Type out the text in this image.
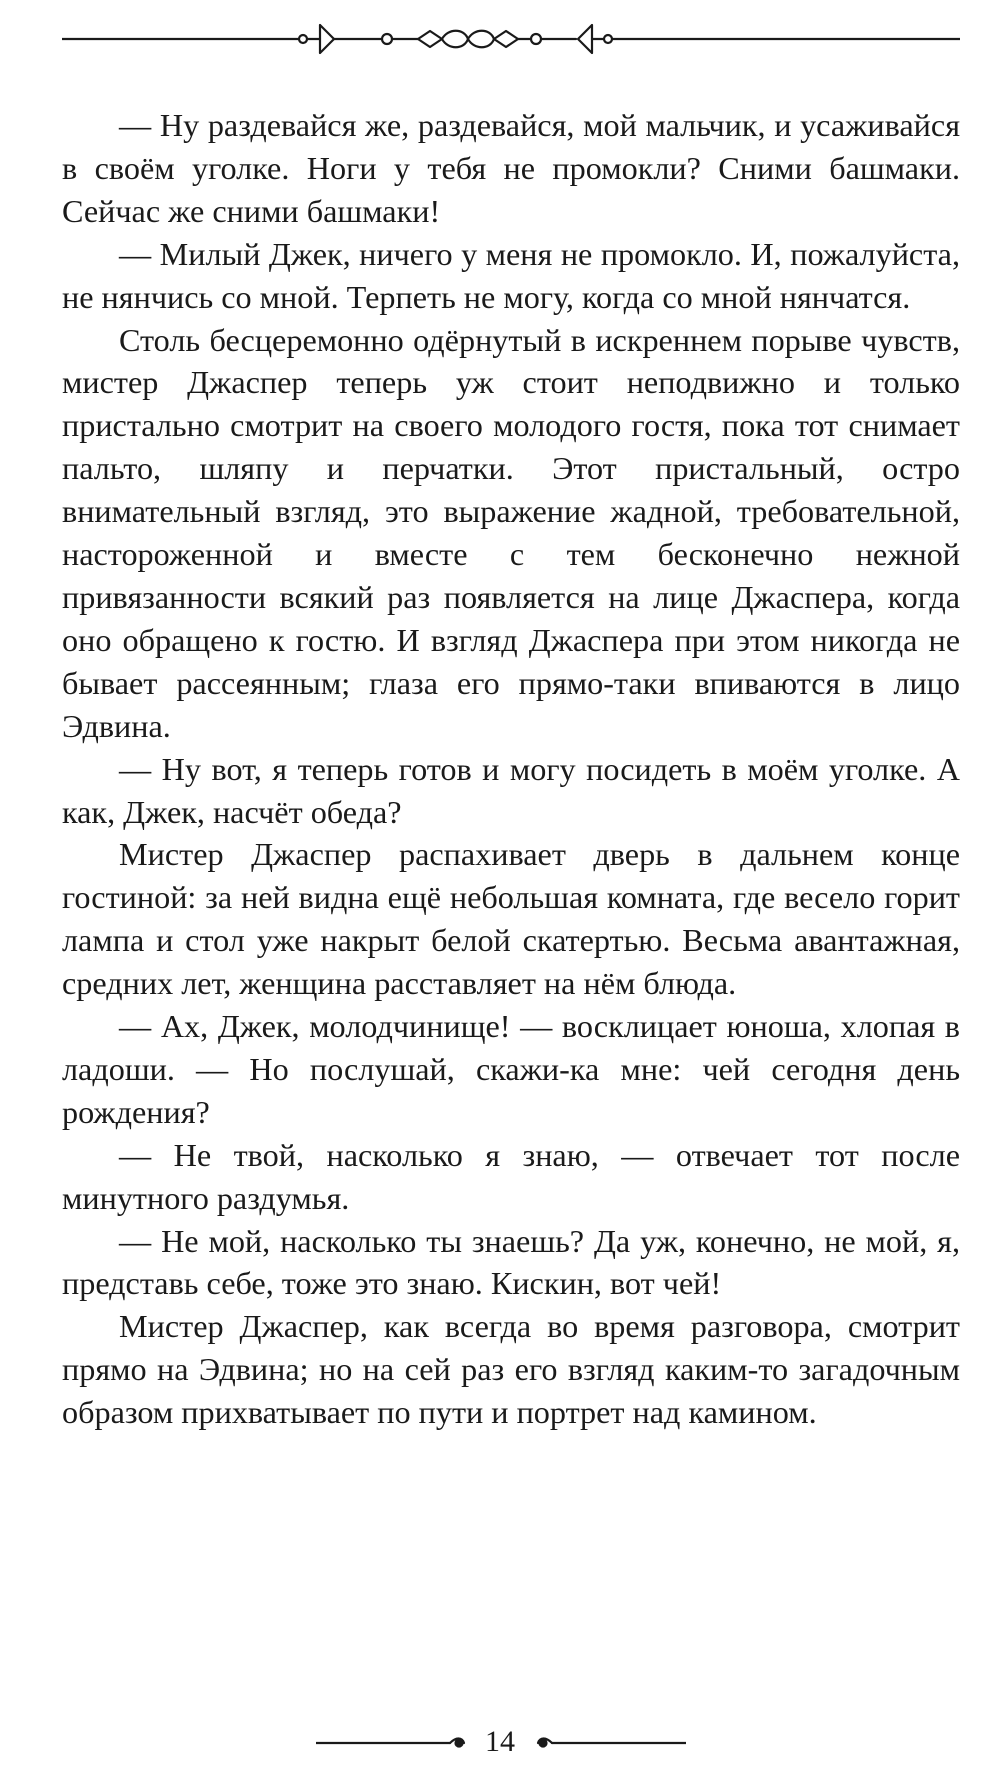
— Ну раздевайся же, раздевайся, мой мальчик, и усаживайся в своём уголке. Ноги у тебя не промокли? Сними башмаки. Сейчас же сними башмаки!

— Милый Джек, ничего у меня не промокло. И, пожалуйста, не нянчись со мной. Терпеть не могу, когда со мной нянчатся.

Столь бесцеремонно одёрнутый в искреннем порыве чувств, мистер Джаспер теперь уж стоит неподвижно и только пристально смотрит на своего молодого гостя, пока тот снимает пальто, шляпу и перчатки. Этот пристальный, остро внимательный взгляд, это выражение жадной, требовательной, настороженной и вместе с тем бесконечно нежной привязанности всякий раз появляется на лице Джаспера, когда оно обращено к гостю. И взгляд Джаспера при этом никогда не бывает рассеянным; глаза его прямо-таки впиваются в лицо Эдвина.

— Ну вот, я теперь готов и могу посидеть в моём уголке. А как, Джек, насчёт обеда?

Мистер Джаспер распахивает дверь в дальнем конце гостиной: за ней видна ещё небольшая комната, где весело горит лампа и стол уже накрыт белой скатертью. Весьма авантажная, средних лет, женщина расставляет на нём блюда.

— Ах, Джек, молодчинище! — восклицает юноша, хлопая в ладоши. — Но послушай, скажи-ка мне: чей сегодня день рождения?

— Не твой, насколько я знаю, — отвечает тот после минутного раздумья.

— Не мой, насколько ты знаешь? Да уж, конечно, не мой, я, представь себе, тоже это знаю. Кискин, вот чей!

Мистер Джаспер, как всегда во время разговора, смотрит прямо на Эдвина; но на сей раз его взгляд каким-то загадочным образом прихватывает по пути и портрет над камином.

14
